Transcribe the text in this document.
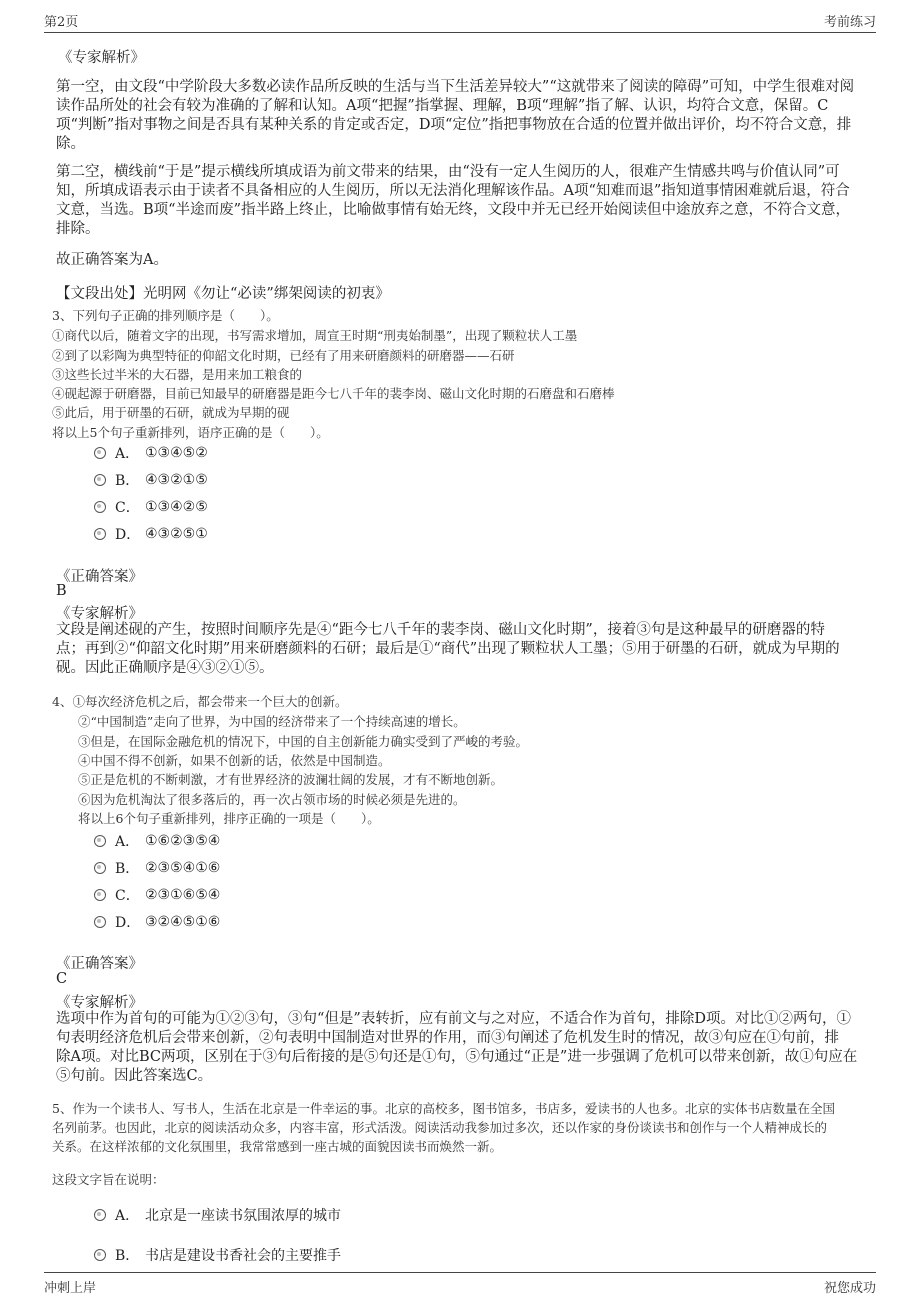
第2页	考前练习
《专家解析》
第一空，由文段“中学阶段大多数必读作品所反映的生活与当下生活差异较大”“这就带来了阅读的障碍”可知，中学生很难对阅
读作品所处的社会有较为准确的了解和认知。A项“把握”指掌握、理解，B项“理解”指了解、认识，均符合文意，保留。C
项“判断”指对事物之间是否具有某种关系的肯定或否定，D项“定位”指把事物放在合适的位置并做出评价，均不符合文意，排
除。
第二空，横线前“于是”提示横线所填成语为前文带来的结果，由“没有一定人生阅历的人，很难产生情感共鸣与价值认同”可
知，所填成语表示由于读者不具备相应的人生阅历，所以无法消化理解该作品。A项“知难而退”指知道事情困难就后退，符合
文意，当选。B项“半途而废”指半路上终止，比喻做事情有始无终，文段中并无已经开始阅读但中途放弃之意，不符合文意，
排除。
故正确答案为A。
【文段出处】光明网《勿让“必读”绑架阅读的初衷》
3、下列句子正确的排列顺序是（　　）。
①商代以后，随着文字的出现，书写需求增加，周宣王时期“刑夷始制墨”，出现了颗粒状人工墨
②到了以彩陶为典型特征的仰韶文化时期，已经有了用来研磨颜料的研磨器——石研
③这些长过半米的大石器，是用来加工粮食的
④砚起源于研磨器，目前已知最早的研磨器是距今七八千年的裴李岗、磁山文化时期的石磨盘和石磨棒
⑤此后，用于研墨的石研，就成为早期的砚
将以上5个句子重新排列，语序正确的是（　　）。
A． ①③④⑤②
B． ④③②①⑤
C． ①③④②⑤
D． ④③②⑤①
《正确答案》
B
《专家解析》
文段是阐述砚的产生，按照时间顺序先是④“距今七八千年的裴李岗、磁山文化时期”，接着③句是这种最早的研磨器的特
点；再到②“仰韶文化时期”用来研磨颜料的石研；最后是①“商代”出现了颗粒状人工墨；⑤用于研墨的石研，就成为早期的
砚。因此正确顺序是④③②①⑤。
4、①每次经济危机之后，都会带来一个巨大的创新。
②“中国制造”走向了世界，为中国的经济带来了一个持续高速的增长。
③但是，在国际金融危机的情况下，中国的自主创新能力确实受到了严峻的考验。
④中国不得不创新，如果不创新的话，依然是中国制造。
⑤正是危机的不断刺激，才有世界经济的波澜壮阔的发展，才有不断地创新。
⑥因为危机淘汰了很多落后的，再一次占领市场的时候必须是先进的。
将以上6个句子重新排列，排序正确的一项是（　　）。
A． ①⑥②③⑤④
B． ②③⑤④①⑥
C． ②③①⑥⑤④
D． ③②④⑤①⑥
《正确答案》
C
《专家解析》
选项中作为首句的可能为①②③句，③句“但是”表转折，应有前文与之对应，不适合作为首句，排除D项。对比①②两句，①
句表明经济危机后会带来创新，②句表明中国制造对世界的作用，而③句阐述了危机发生时的情况，故③句应在①句前，排
除A项。对比BC两项，区别在于③句后衔接的是⑤句还是①句，⑤句通过“正是”进一步强调了危机可以带来创新，故①句应在
⑤句前。因此答案选C。
5、作为一个读书人、写书人，生活在北京是一件幸运的事。北京的高校多，图书馆多，书店多，爱读书的人也多。北京的实体书店数量在全国
名列前茅。也因此，北京的阅读活动众多，内容丰富，形式活泼。阅读活动我参加过多次，还以作家的身份谈读书和创作与一个人精神成长的
关系。在这样浓郁的文化氛围里，我常常感到一座古城的面貌因读书而焕然一新。
这段文字旨在说明：
A． 北京是一座读书氛围浓厚的城市
B． 书店是建设书香社会的主要推手
冲刺上岸	祝您成功
